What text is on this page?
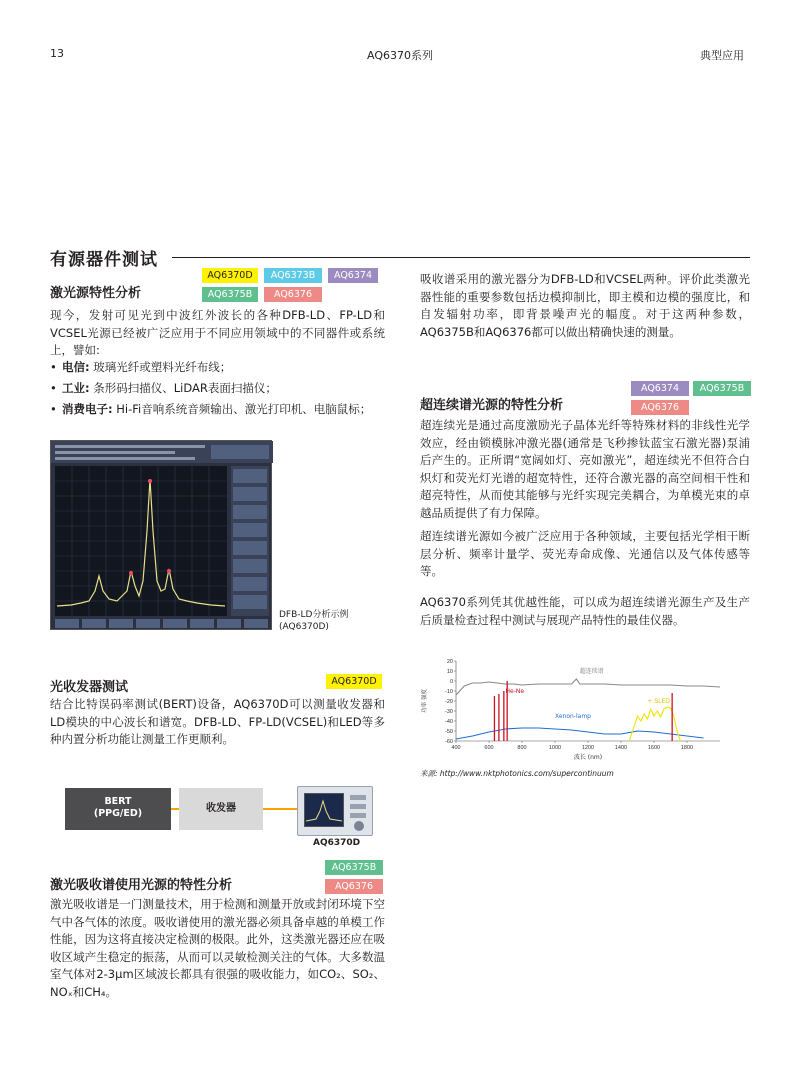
13	AQ6370系列	典型应用
有源器件测试
激光源特性分析
AQ6370D	AQ6373B	AQ6374
AQ6375B	AQ6376
现今，发射可见光到中波红外波长的各种DFB-LD、FP-LD和VCSEL光源已经被广泛应用于不同应用领域中的不同器件或系统上，譬如:
• 电信: 玻璃光纤或塑料光纤布线；
• 工业: 条形码扫描仪、LiDAR表面扫描仪；
• 消费电子: Hi-Fi音响系统音频输出、激光打印机、电脑鼠标；
DFB-LD分析示例
(AQ6370D)
光收发器测试	AQ6370D
结合比特误码率测试(BERT)设备，AQ6370D可以测量收发器和LD模块的中心波长和谱宽。DFB-LD、FP-LD(VCSEL)和LED等多种内置分析功能让测量工作更顺利。
BERT
(PPG/ED)	收发器
AQ6370D
AQ6375B
AQ6376
激光吸收谱使用光源的特性分析
激光吸收谱是一门测量技术，用于检测和测量开放或封闭环境下空气中各气体的浓度。吸收谱使用的激光器必须具备卓越的单模工作性能，因为这将直接决定检测的极限。此外，这类激光器还应在吸收区域产生稳定的振荡，从而可以灵敏检测关注的气体。大多数温室气体对2-3µm区域波长都具有很强的吸收能力，如CO₂、SO₂、NOₓ和CH₄。
吸收谱采用的激光器分为DFB-LD和VCSEL两种。评价此类激光器性能的重要参数包括边模抑制比，即主模和边模的强度比，和自发辐射功率，即背景噪声光的幅度。对于这两种参数，AQ6375B和AQ6376都可以做出精确快速的测量。
AQ6374	AQ6375B
AQ6376
超连续谱光源的特性分析
超连续光是通过高度激励光子晶体光纤等特殊材料的非线性光学效应，经由锁模脉冲激光器(通常是飞秒掺钛蓝宝石激光器)泵浦后产生的。正所谓“宽阔如灯、亮如激光”，超连续光不但符合白炽灯和荧光灯光谱的超宽特性，还符合激光器的高空间相干性和超亮特性，从而使其能够与光纤实现完美耦合，为单模光束的卓越品质提供了有力保障。
超连续谱光源如今被广泛应用于各种领域，主要包括光学相干断层分析、频率计量学、荧光寿命成像、光通信以及气体传感等等。
AQ6370系列凭其优越性能，可以成为超连续谱光源生产及生产后质量检查过程中测试与展现产品特性的最佳仪器。
20
10
0
-10
-20
-30
-40
-50
-60
400	600	800	1000	1200	1400	1600	1800
波长 (nm)
功率 强度
超连续谱
Xenon-lamp
+ SLED
He-Ne
来源: http://www.nktphotonics.com/supercontinuum
